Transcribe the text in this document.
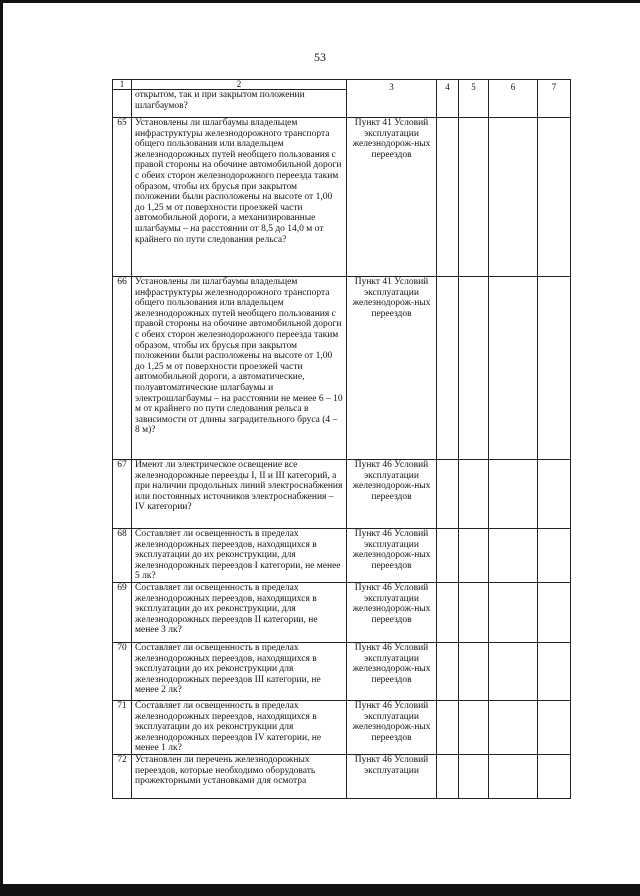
53
1	2	3	4	5	6	7
	открытом, так и при закрытом положении шлагбаумов?					
65	Установлены ли шлагбаумы владельцем инфраструктуры железнодорожного транспорта общего пользования или владельцем железнодорожных путей необщего пользования с правой стороны на обочине автомобильной дороги с обеих сторон железнодорожного переезда таким образом, чтобы их брусья при закрытом положении были расположены на высоте от 1,00 до 1,25 м от поверхности проезжей части автомобильной дороги, а механизированные шлагбаумы – на расстоянии от 8,5 до 14,0 м от крайнего по пути следования рельса?	Пункт 41 Условий эксплуатации железнодорож-ных переездов				
66	Установлены ли шлагбаумы владельцем инфраструктуры железнодорожного транспорта общего пользования или владельцем железнодорожных путей необщего пользования с правой стороны на обочине автомобильной дороги с обеих сторон железнодорожного переезда таким образом, чтобы их брусья при закрытом положении были расположены на высоте от 1,00 до 1,25 м от поверхности проезжей части автомобильной дороги, а автоматические, полуавтоматические шлагбаумы и электрошлагбаумы – на расстоянии не менее 6 – 10 м от крайнего по пути следования рельса в зависимости от длины заградительного бруса (4 – 8 м)?	Пункт 41 Условий эксплуатации железнодорож-ных переездов				
67	Имеют ли электрическое освещение все железнодорожные переезды I, II и III категорий, а при наличии продольных линий электроснабжения или постоянных источников электроснабжения – IV категории?	Пункт 46 Условий эксплуатации железнодорож-ных переездов				
68	Составляет ли освещенность в пределах железнодорожных переездов, находящихся в эксплуатации до их реконструкции, для железнодорожных переездов I категории, не менее 5 лк?	Пункт 46 Условий эксплуатации железнодорож-ных переездов				
69	Составляет ли освещенность в пределах железнодорожных переездов, находящихся в эксплуатации до их реконструкции, для железнодорожных переездов II категории, не менее 3 лк?	Пункт 46 Условий эксплуатации железнодорож-ных переездов				
70	Составляет ли освещенность в пределах железнодорожных переездов, находящихся в эксплуатации до их реконструкции для железнодорожных переездов III категории, не менее 2 лк?	Пункт 46 Условий эксплуатации железнодорож-ных переездов				
71	Составляет ли освещенность в пределах железнодорожных переездов, находящихся в эксплуатации до их реконструкции для железнодорожных переездов IV категории, не менее 1 лк?	Пункт 46 Условий эксплуатации железнодорож-ных переездов				
72	Установлен ли перечень железнодорожных переездов, которые необходимо оборудовать прожекторными установками для осмотра	Пункт 46 Условий эксплуатации				
